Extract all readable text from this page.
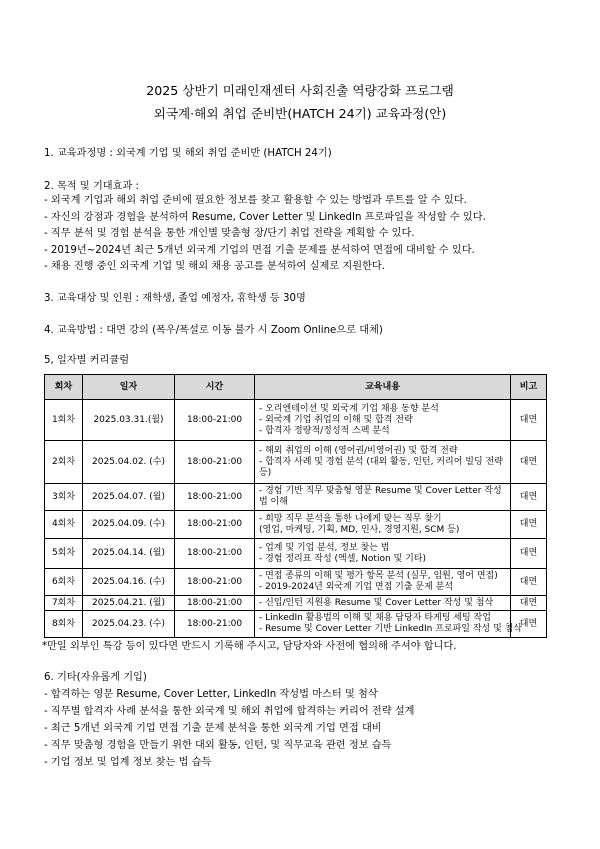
2025 상반기 미래인재센터 사회진출 역량강화 프로그램
외국계·해외 취업 준비반(HATCH 24기) 교육과정(안)
1. 교육과정명 : 외국계 기업 및 해외 취업 준비반 (HATCH 24기)
2. 목적 및 기대효과 :
- 외국계 기업과 해외 취업 준비에 필요한 정보를 찾고 활용할 수 있는 방법과 루트를 알 수 있다.
- 자신의 강점과 경험을 분석하여 Resume, Cover Letter 및 LinkedIn 프로파일을 작성할 수 있다.
- 직무 분석 및 경험 분석을 통한 개인별 맞춤형 장/단기 취업 전략을 계획할 수 있다.
- 2019년~2024년 최근 5개년 외국계 기업의 면접 기출 문제를 분석하여 면접에 대비할 수 있다.
- 채용 진행 중인 외국계 기업 및 해외 채용 공고를 분석하여 실제로 지원한다.
3. 교육대상 및 인원 : 재학생, 졸업 예정자, 휴학생 등 30명
4. 교육방법 : 대면 강의 (폭우/폭설로 이동 불가 시 Zoom Online으로 대체)
5, 일자별 커리큘럼
회차	일자	시간	교육내용	비고
1회차	2025.03.31.(월)	18:00-21:00	- 오리엔테이션 및 외국계 기업 채용 동향 분석
- 외국계 기업 취업의 이해 및 합격 전략
- 합격자 정량적/정성적 스펙 분석	대면
2회차	2025.04.02. (수)	18:00-21:00	- 해외 취업의 이해 (영어권/비영어권) 및 합격 전략
- 합격자 사례 및 경험 분석 (대외 활동, 인턴, 커리어 빌딩 전략 등)	대면
3회차	2025.04.07. (월)	18:00-21:00	- 경험 기반 직무 맞춤형 영문 Resume 및 Cover Letter 작성법 이해	대면
4회차	2025.04.09. (수)	18:00-21:00	- 희망 직무 분석을 통한 나에게 맞는 직무 찾기
(영업, 마케팅, 기획, MD, 인사, 경영지원, SCM 등)	대면
5회차	2025.04.14. (월)	18:00-21:00	- 업계 및 기업 분석, 정보 찾는 법
- 경험 정리표 작성 (엑셀, Notion 및 기타)	대면
6회차	2025.04.16. (수)	18:00-21:00	- 면접 종류의 이해 및 평가 항목 분석 (실무, 임원, 영어 면접)
- 2019-2024년 외국계 기업 면접 기출 문제 분석	대면
7회차	2025.04.21. (월)	18:00-21:00	- 신입/인턴 지원용 Resume 및 Cover Letter 작성 및 첨삭	대면
8회차	2025.04.23. (수)	18:00-21:00	- LinkedIn 활용법의 이해 및 채용 담당자 타게팅 세팅 작업
- Resume 및 Cover Letter 기반 LinkedIn 프로파일 작성 및 첨삭	대면
*만일 외부인 특강 등이 있다면 반드시 기록해 주시고, 담당자와 사전에 협의해 주셔야 합니다.
6. 기타(자유롭게 기입)
- 합격하는 영문 Resume, Cover Letter, LinkedIn 작성법 마스터 및 첨삭
- 직무별 합격자 사례 분석을 통한 외국계 및 해외 취업에 합격하는 커리어 전략 설계
- 최근 5개년 외국계 기업 면접 기출 문제 분석을 통한 외국계 기업 면접 대비
- 직무 맞춤형 경험을 만들기 위한 대외 활동, 인턴, 및 직무교육 관련 정보 습득
- 기업 정보 및 업계 정보 찾는 법 습득
